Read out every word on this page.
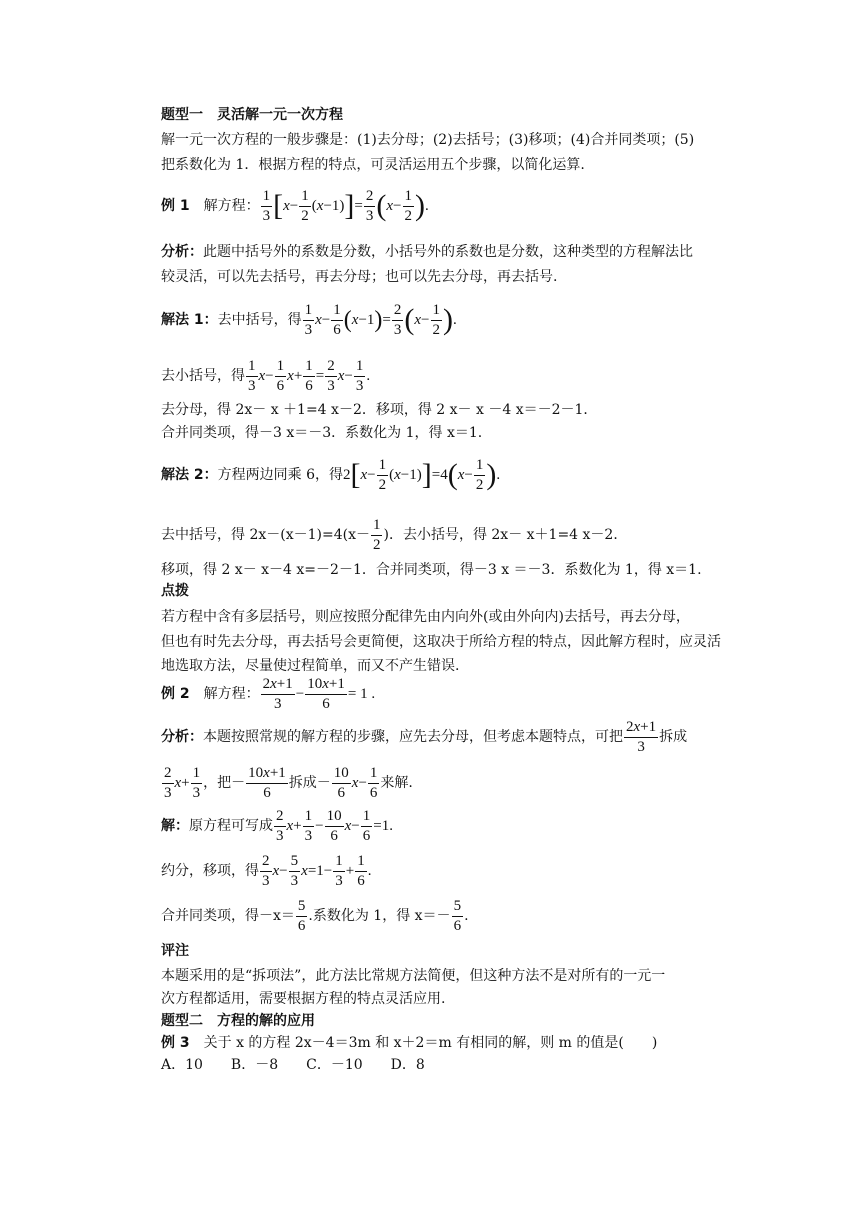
题型一　灵活解一元一次方程
解一元一次方程的一般步骤是：(1)去分母；(2)去括号；(3)移项；(4)合并同类项；(5)
把系数化为 1．根据方程的特点，可灵活运用五个步骤，以简化运算.
例 1 解方程： $\frac{1}{3}$ [ $x - \frac{1}{2} (x-1)$ ] = $\frac{2}{3}$ ( $x - \frac{1}{2}$ ) .
分析：此题中括号外的系数是分数，小括号外的系数也是分数，这种类型的方程解法比
较灵活，可以先去括号，再去分母；也可以先去分母，再去括号.
解法 1： 去中括号，得 $\frac{1}{3}$ $x - \frac{1}{6}$ ( x −1 ) = $\frac{2}{3}$ ( $x - \frac{1}{2}$ ) .
去小括号，得 $\frac{1}{3}$ $x - \frac{1}{6}$ $x + \frac{1}{6} = \frac{2}{3}$ $x - \frac{1}{3}$ .
去分母，得 2x－ x ＋1=4 x－2．移项，得 2 x－ x －4 x＝－2－1．
合并同类项，得－3 x＝－3．系数化为 1，得 x＝1.
解法 2： 方程两边同乘 6，得 2 [ $x - \frac{1}{2} (x-1)$ ] =4 ( $x - \frac{1}{2}$ ) .
去中括号，得 $2x-(x-1)=4(x- \frac{1}{2}$ )．去小括号，得 2x－ x＋1=4 x－2．
移项，得 2 x－ x－4 x=－2－1．合并同类项，得－3 x ＝－3．系数化为 1，得 x＝1.
点拨
若方程中含有多层括号，则应按照分配律先由内向外(或由外向内)去括号，再去分母，
但也有时先去分母，再去括号会更简便，这取决于所给方程的特点，因此解方程时，应灵活
地选取方法，尽量使过程简单，而又不产生错误.
例 2 解方程： $\frac{2x+1}{3} - \frac{10x+1}{6} = 1$ .
分析： 本题按照常规的解方程的步骤，应先去分母，但考虑本题特点，可把 $\frac{2x+1}{3}$ 拆成
$\frac{2}{3}$ $x + \frac{1}{3}$ ，把－ $\frac{10x+1}{6}$ 拆成－ $\frac{10}{6}$ $x - \frac{1}{6}$ 来解.
解： 原方程可写成 $\frac{2}{3}$ $x + \frac{1}{3} - \frac{10}{6}$ $x - \frac{1}{6} =1$.
约分，移项，得 $\frac{2}{3}$ $x - \frac{5}{3}$ $x =1- \frac{1}{3} + \frac{1}{6}$ .
合并同类项，得$-x= \frac{5}{6}$ .系数化为 1，得 $x=- \frac{5}{6}$ .
评注
本题采用的是“拆项法”，此方法比常规方法简便，但这种方法不是对所有的一元一
次方程都适用，需要根据方程的特点灵活应用.
题型二　方程的解的应用
例 3　 关于 x 的方程 2x－4＝3m 和 x＋2＝m 有相同的解，则 m 的值是(　　)
A．10　　B．－8　　C．－10　　D．8
